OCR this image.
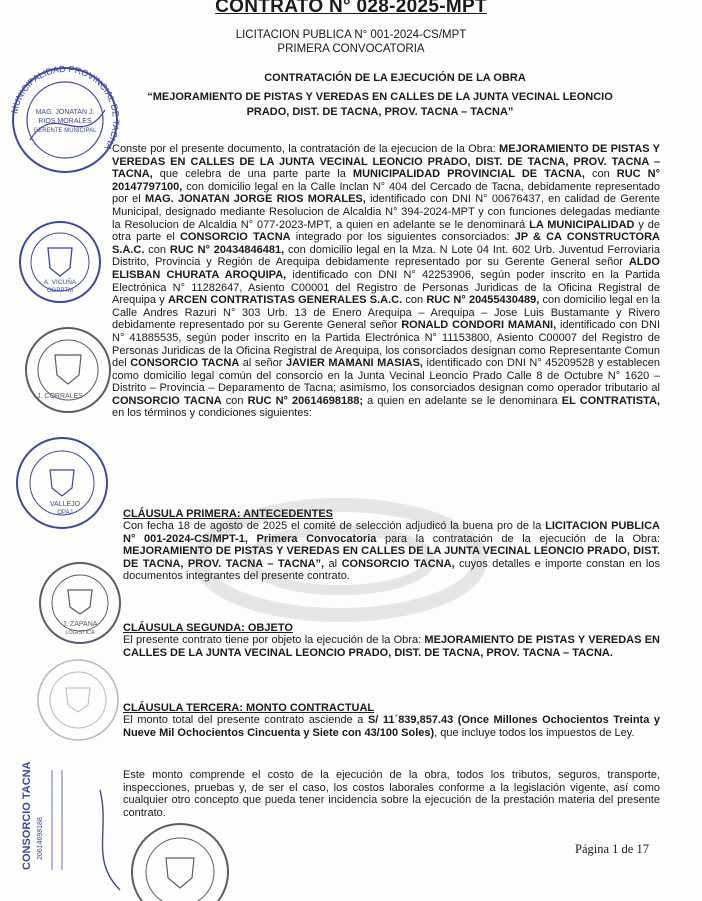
CONTRATO N° 028-2025-MPT
LICITACION PUBLICA N° 001-2024-CS/MPT
PRIMERA CONVOCATORIA
CONTRATACIÓN DE LA EJECUCIÓN DE LA OBRA
“MEJORAMIENTO DE PISTAS Y VEREDAS EN CALLES DE LA JUNTA VECINAL LEONCIO
PRADO, DIST. DE TACNA, PROV. TACNA – TACNA”
Conste por el presente documento, la contratación de la ejecucion de la Obra: MEJORAMIENTO DE PISTAS Y VEREDAS EN CALLES DE LA JUNTA VECINAL LEONCIO PRADO, DIST. DE TACNA, PROV. TACNA – TACNA, que celebra de una parte parte la MUNICIPALIDAD PROVINCIAL DE TACNA, con RUC N° 20147797100, con domicilio legal en la Calle Inclan N° 404 del Cercado de Tacna, debidamente representado por el MAG. JONATAN JORGE RIOS MORALES, identificado con DNI N° 00676437, en calidad de Gerente Municipal, designado mediante Resolucion de Alcaldia N° 394-2024-MPT y con funciones delegadas mediante la Resolucion de Alcaldia N° 077-2023-MPT, a quien en adelante se le denominará LA MUNICIPALIDAD y de otra parte el CONSORCIO TACNA integrado por los siguientes consorciados: JP & CA CONSTRUCTORA S.A.C. con RUC N° 20434846481, con domicilio legal en la Mza. N Lote 04 Int. 602 Urb. Juventud Ferroviaria Distrito, Provincia y Región de Arequipa debidamente representado por su Gerente General señor ALDO ELISBAN CHURATA AROQUIPA, identificado con DNI N° 42253906, según poder inscrito en la Partida Electrónica N° 11282647, Asiento C00001 del Registro de Personas Juridicas de la Oficina Registral de Arequipa y ARCEN CONTRATISTAS GENERALES S.A.C. con RUC N° 20455430489, con domicilio legal en la Calle Andres Razuri N° 303 Urb. 13 de Enero Arequipa – Arequipa – Jose Luis Bustamante y Rivero debidamente representado por su Gerente General señor RONALD CONDORI MAMANI, identificado con DNI N° 41885535, según poder inscrito en la Partida Electrónica N° 11153800, Asiento C00007 del Registro de Personas Juridicas de la Oficina Registral de Arequipa, los consorciados designan como Representante Comun del CONSORCIO TACNA al señor JAVIER MAMANI MASIAS, identificado con DNI N° 45209528 y establecen como domicilio legal común del consorcio en la Junta Vecinal Leoncio Prado Calle 8 de Octubre N° 1620 – Distrito – Provincia – Deparamento de Tacna; asimismo, los consorciados designan como operador tributario al CONSORCIO TACNA con RUC N° 20614698188; a quien en adelante se le denominara EL CONTRATISTA, en los términos y condiciones siguientes:
CLÁUSULA PRIMERA: ANTECEDENTES
Con fecha 18 de agosto de 2025 el comité de selección adjudicó la buena pro de la LICITACION PUBLICA N° 001-2024-CS/MPT-1, Primera Convocatoria para la contratación de la ejecución de la Obra: MEJORAMIENTO DE PISTAS Y VEREDAS EN CALLES DE LA JUNTA VECINAL LEONCIO PRADO, DIST. DE TACNA, PROV. TACNA – TACNA”, al CONSORCIO TACNA, cuyos detalles e importe constan en los documentos integrantes del presente contrato.
CLÁUSULA SEGUNDA: OBJETO
El presente contrato tiene por objeto la ejecución de la Obra: MEJORAMIENTO DE PISTAS Y VEREDAS EN CALLES DE LA JUNTA VECINAL LEONCIO PRADO, DIST. DE TACNA, PROV. TACNA – TACNA.
CLÁUSULA TERCERA: MONTO CONTRACTUAL
El monto total del presente contrato asciende a S/ 11´839,857.43 (Once Millones Ochocientos Treinta y Nueve Mil Ochocientos Cincuenta y Siete con 43/100 Soles), que incluye todos los impuestos de Ley.
Este monto comprende el costo de la ejecución de la obra, todos los tributos, seguros, transporte, inspecciones, pruebas y, de ser el caso, los costos laborales conforme a la legislación vigente, así como cualquier otro concepto que pueda tener incidencia sobre la ejecución de la prestación materia del presente contrato.
Página 1 de 17
MUNICIPALIDAD PROVINCIAL DE TACNA
MAG. JONATAN J.
RIOS MORALES
GERENTE MUNICIPAL
A. VICUÑA
OGPPTM
J. CORRALES
VALLEJO
OPAJ
J. ZAPANA
LOGISTICA
CONSORCIO TACNA 20614698188
